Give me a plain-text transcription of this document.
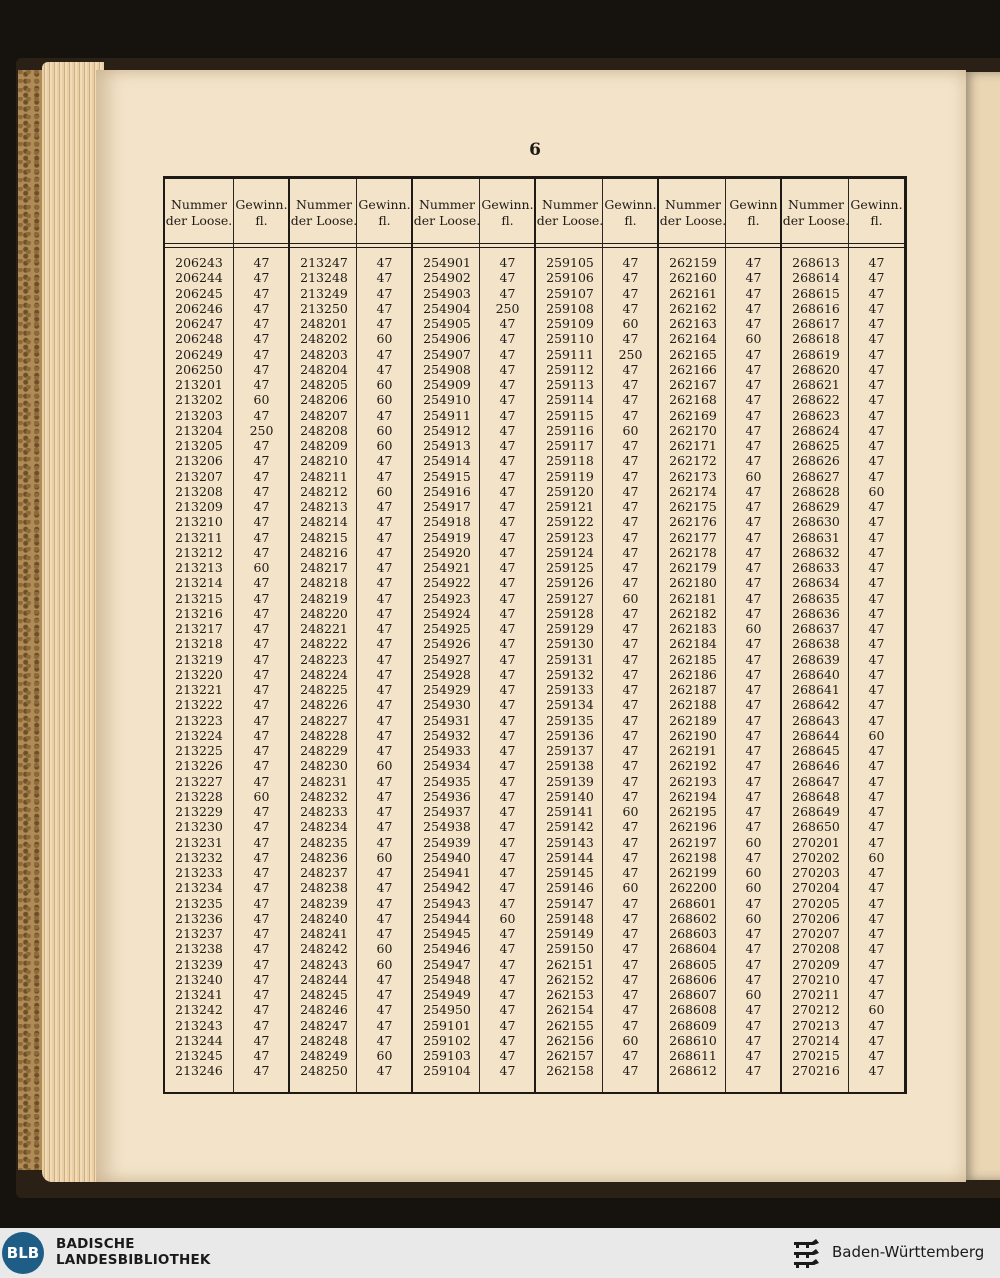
6
Nummer der Loose.
206243
206244
206245
206246
206247
206248
206249
206250
213201
213202
213203
213204
213205
213206
213207
213208
213209
213210
213211
213212
213213
213214
213215
213216
213217
213218
213219
213220
213221
213222
213223
213224
213225
213226
213227
213228
213229
213230
213231
213232
213233
213234
213235
213236
213237
213238
213239
213240
213241
213242
213243
213244
213245
213246
Gewinn. fl.
47
47
47
47
47
47
47
47
47
60
47
250
47
47
47
47
47
47
47
47
60
47
47
47
47
47
47
47
47
47
47
47
47
47
47
60
47
47
47
47
47
47
47
47
47
47
47
47
47
47
47
47
47
47
Nummer der Loose.
213247
213248
213249
213250
248201
248202
248203
248204
248205
248206
248207
248208
248209
248210
248211
248212
248213
248214
248215
248216
248217
248218
248219
248220
248221
248222
248223
248224
248225
248226
248227
248228
248229
248230
248231
248232
248233
248234
248235
248236
248237
248238
248239
248240
248241
248242
248243
248244
248245
248246
248247
248248
248249
248250
Gewinn. fl.
47
47
47
47
47
60
47
47
60
60
47
60
60
47
47
60
47
47
47
47
47
47
47
47
47
47
47
47
47
47
47
47
47
60
47
47
47
47
47
60
47
47
47
47
47
60
60
47
47
47
47
47
60
47
Nummer der Loose.
254901
254902
254903
254904
254905
254906
254907
254908
254909
254910
254911
254912
254913
254914
254915
254916
254917
254918
254919
254920
254921
254922
254923
254924
254925
254926
254927
254928
254929
254930
254931
254932
254933
254934
254935
254936
254937
254938
254939
254940
254941
254942
254943
254944
254945
254946
254947
254948
254949
254950
259101
259102
259103
259104
Gewinn. fl.
47
47
47
250
47
47
47
47
47
47
47
47
47
47
47
47
47
47
47
47
47
47
47
47
47
47
47
47
47
47
47
47
47
47
47
47
47
47
47
47
47
47
47
60
47
47
47
47
47
47
47
47
47
47
Nummer der Loose.
259105
259106
259107
259108
259109
259110
259111
259112
259113
259114
259115
259116
259117
259118
259119
259120
259121
259122
259123
259124
259125
259126
259127
259128
259129
259130
259131
259132
259133
259134
259135
259136
259137
259138
259139
259140
259141
259142
259143
259144
259145
259146
259147
259148
259149
259150
262151
262152
262153
262154
262155
262156
262157
262158
Gewinn. fl.
47
47
47
47
60
47
250
47
47
47
47
60
47
47
47
47
47
47
47
47
47
47
60
47
47
47
47
47
47
47
47
47
47
47
47
47
60
47
47
47
47
60
47
47
47
47
47
47
47
47
47
60
47
47
Nummer der Loose.
262159
262160
262161
262162
262163
262164
262165
262166
262167
262168
262169
262170
262171
262172
262173
262174
262175
262176
262177
262178
262179
262180
262181
262182
262183
262184
262185
262186
262187
262188
262189
262190
262191
262192
262193
262194
262195
262196
262197
262198
262199
262200
268601
268602
268603
268604
268605
268606
268607
268608
268609
268610
268611
268612
Gewinn fl.
47
47
47
47
47
60
47
47
47
47
47
47
47
47
60
47
47
47
47
47
47
47
47
47
60
47
47
47
47
47
47
47
47
47
47
47
47
47
60
47
60
60
47
60
47
47
47
47
60
47
47
47
47
47
Nummer der Loose.
268613
268614
268615
268616
268617
268618
268619
268620
268621
268622
268623
268624
268625
268626
268627
268628
268629
268630
268631
268632
268633
268634
268635
268636
268637
268638
268639
268640
268641
268642
268643
268644
268645
268646
268647
268648
268649
268650
270201
270202
270203
270204
270205
270206
270207
270208
270209
270210
270211
270212
270213
270214
270215
270216
Gewinn. fl.
47
47
47
47
47
47
47
47
47
47
47
47
47
47
47
60
47
47
47
47
47
47
47
47
47
47
47
47
47
47
47
60
47
47
47
47
47
47
47
60
47
47
47
47
47
47
47
47
47
60
47
47
47
47
BLB	BADISCHE
LANDESBIBLIOTHEK	Baden-Württemberg
